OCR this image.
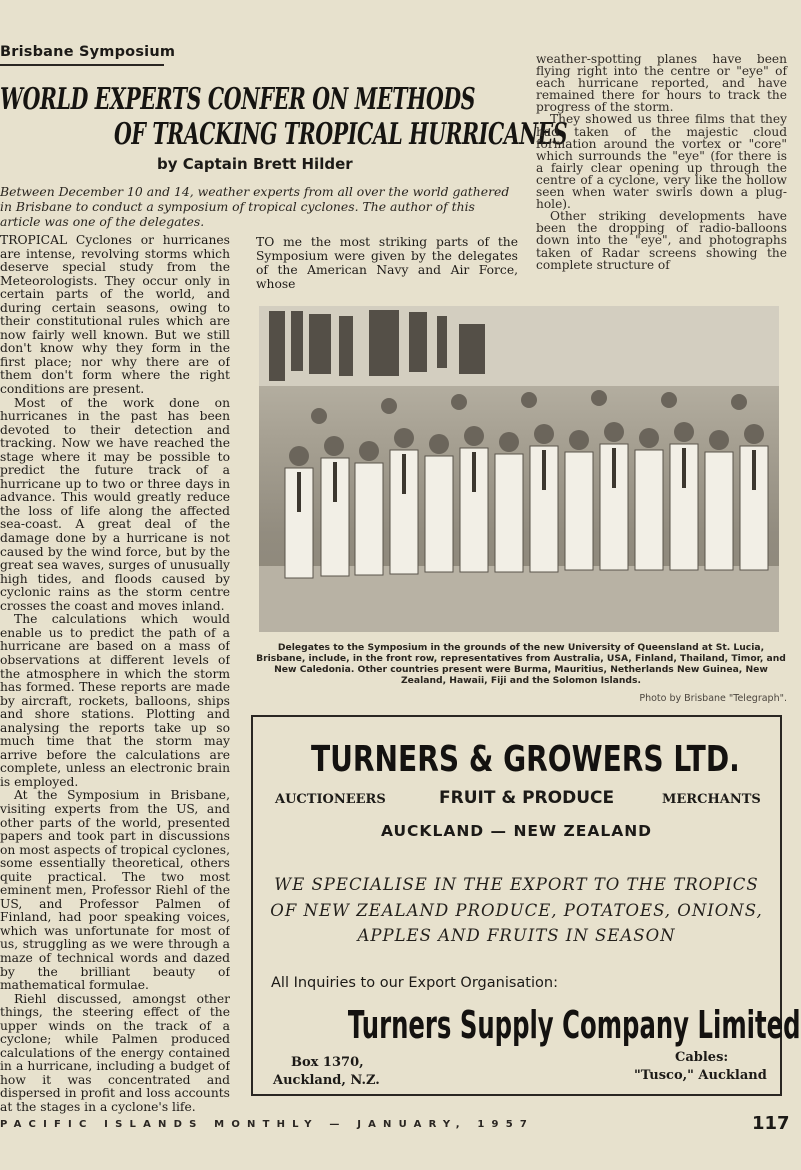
Brisbane Symposium
WORLD EXPERTS CONFER ON METHODS
OF TRACKING TROPICAL HURRICANES
by Captain Brett Hilder
Between December 10 and 14, weather experts from all over the world gathered in Brisbane to conduct a symposium of tropical cyclones. The author of this article was one of the delegates.

TROPICAL Cyclones or hurricanes are intense, revolving storms which deserve special study from the Meteorologists. They occur only in certain parts of the world, and during certain seasons, owing to their constitutional rules which are now fairly well known. But we still don't know why they form in the first place; nor why there are of them don't form where the right conditions are present.

Most of the work done on hurricanes in the past has been devoted to their detection and tracking. Now we have reached the stage where it may be possible to predict the future track of a hurricane up to two or three days in advance. This would greatly reduce the loss of life along the affected sea-coast. A great deal of the damage done by a hurricane is not caused by the wind force, but by the great sea waves, surges of unusually high tides, and floods caused by cyclonic rains as the storm centre crosses the coast and moves inland.

The calculations which would enable us to predict the path of a hurricane are based on a mass of observations at different levels of the atmosphere in which the storm has formed. These reports are made by aircraft, rockets, balloons, ships and shore stations. Plotting and analysing the reports take up so much time that the storm may arrive before the calculations are complete, unless an electronic brain is employed.

At the Symposium in Brisbane, visiting experts from the US, and other parts of the world, presented papers and took part in discussions on most aspects of tropical cyclones, some essentially theoretical, others quite practical. The two most eminent men, Professor Riehl of the US, and Professor Palmen of Finland, had poor speaking voices, which was unfortunate for most of us, struggling as we were through a maze of technical words and dazed by the brilliant beauty of mathematical formulae.

Riehl discussed, amongst other things, the steering effect of the upper winds on the track of a cyclone; while Palmen produced calculations of the energy contained in a hurricane, including a budget of how it was concentrated and dispersed in profit and loss accounts at the stages in a cyclone's life.

TO me the most striking parts of the Symposium were given by the delegates of the American Navy and Air Force, whose

weather-spotting planes have been flying right into the centre or "eye" of each hurricane reported, and have remained there for hours to track the progress of the storm.

They showed us three films that they had taken of the majestic cloud formation around the vortex or "core" which surrounds the "eye" (for there is a fairly clear opening up through the centre of a cyclone, very like the hollow seen when water swirls down a plug-hole).

Other striking developments have been the dropping of radio-balloons down into the "eye", and photographs taken of Radar screens showing the complete structure of

Delegates to the Symposium in the grounds of the new University of Queensland at St. Lucia, Brisbane, include, in the front row, representatives from Australia, USA, Finland, Thailand, Timor, and New Caledonia. Other countries present were Burma, Mauritius, Netherlands New Guinea, New Zealand, Hawaii, Fiji and the Solomon Islands.
Photo by Brisbane "Telegraph".
TURNERS & GROWERS LTD.
AUCTIONEERS	FRUIT & PRODUCE	MERCHANTS
AUCKLAND — NEW ZEALAND
WE SPECIALISE IN THE EXPORT TO THE TROPICS
OF NEW ZEALAND PRODUCE, POTATOES, ONIONS,
APPLES AND FRUITS IN SEASON
All Inquiries to our Export Organisation:
Turners Supply Company Limited
Box 1370,
Auckland, N.Z.
Cables:
"Tusco," Auckland
PACIFIC ISLANDS MONTHLY — JANUARY, 1957	117
